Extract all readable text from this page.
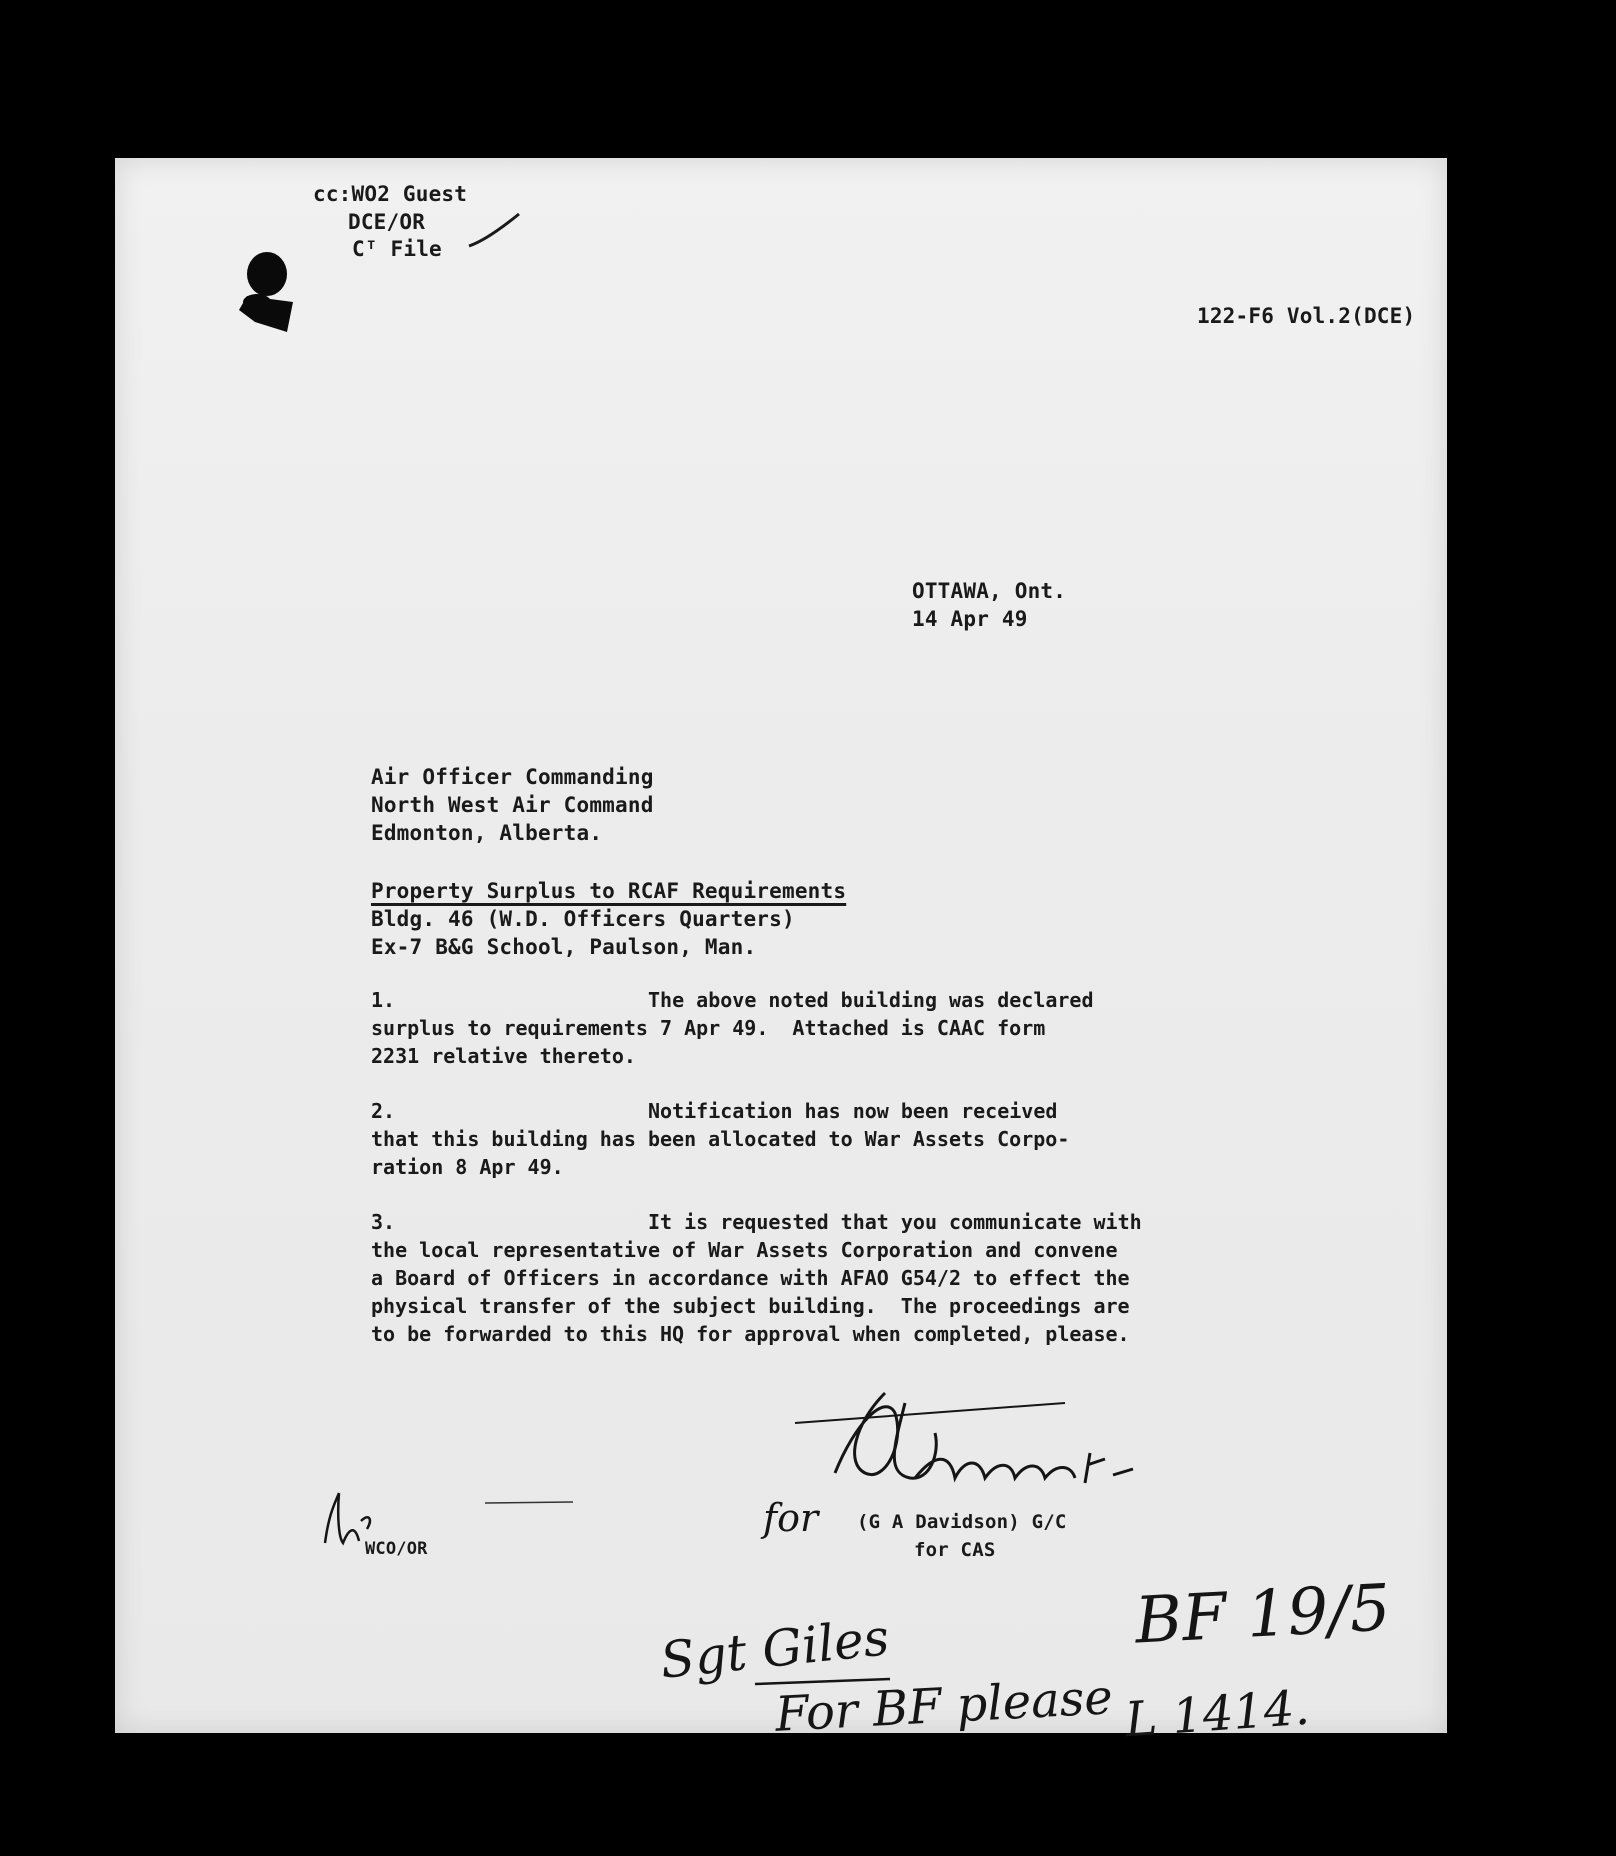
cc:WO2 Guest
DCE/OR
Cᵀ File
122-F6 Vol.2(DCE)
OTTAWA, Ont.
14 Apr 49
Air Officer Commanding
North West Air Command
Edmonton, Alberta.
Property Surplus to RCAF Requirements
Bldg. 46 (W.D. Officers Quarters)
Ex-7 B&G School, Paulson, Man.
1.	The above noted building was declared
surplus to requirements 7 Apr 49.  Attached is CAAC form
2231 relative thereto.
2.	Notification has now been received
that this building has been allocated to War Assets Corpo-
ration 8 Apr 49.
3.	It is requested that you communicate with
the local representative of War Assets Corporation and convene
a Board of Officers in accordance with AFAO G54/2 to effect the
physical transfer of the subject building.  The proceedings are
to be forwarded to this HQ for approval when completed, please.
for (G A Davidson) G/C
for CAS
WCO/OR
BF 19/5
Sgt Giles
For BF please L 1414.
